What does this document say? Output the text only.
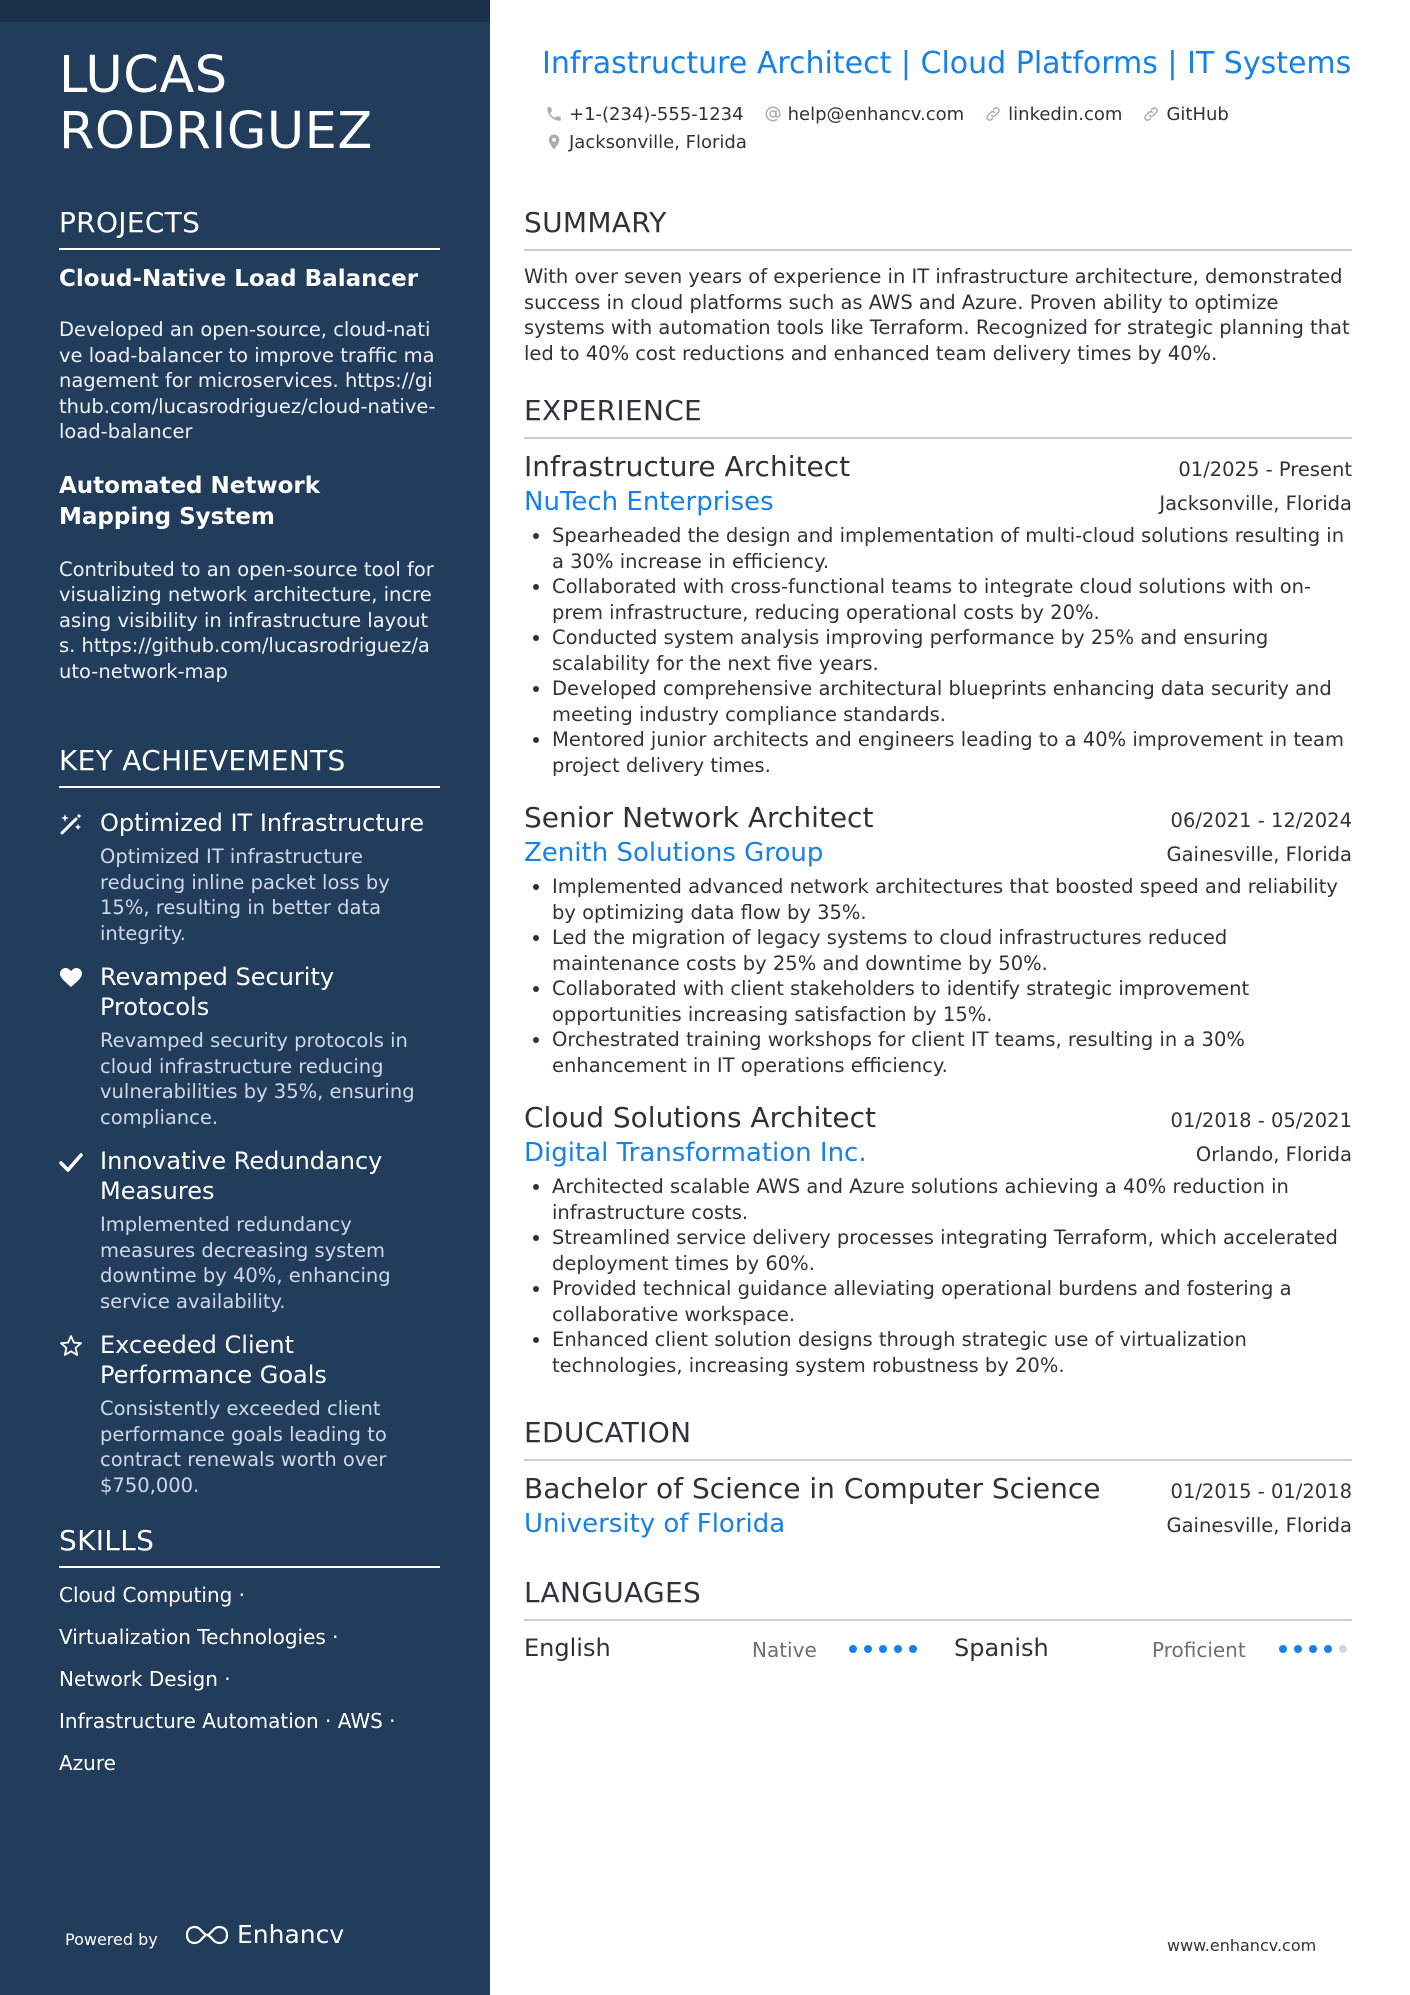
LUCAS
RODRIGUEZ
PROJECTS
Cloud-Native Load Balancer
Developed an open-source, cloud-native load-balancer to improve traffic management for microservices. https://github.com/lucasrodriguez/cloud-native-load-balancer
Automated Network Mapping System
Contributed to an open-source tool for visualizing network architecture, increasing visibility in infrastructure layouts. https://github.com/lucasrodriguez/auto-network-map
KEY ACHIEVEMENTS
Optimized IT Infrastructure
Optimized IT infrastructure reducing inline packet loss by 15%, resulting in better data integrity.
Revamped Security Protocols
Revamped security protocols in cloud infrastructure reducing vulnerabilities by 35%, ensuring compliance.
Innovative Redundancy Measures
Implemented redundancy measures decreasing system downtime by 40%, enhancing service availability.
Exceeded Client Performance Goals
Consistently exceeded client performance goals leading to contract renewals worth over $750,000.
SKILLS
Cloud Computing ·
Virtualization Technologies ·
Network Design ·
Infrastructure Automation · AWS ·
Azure
Powered by	Enhancv
Infrastructure Architect | Cloud Platforms | IT Systems
+1-(234)-555-1234 help@enhancv.com linkedin.com GitHub
Jacksonville, Florida
SUMMARY
With over seven years of experience in IT infrastructure architecture, demonstrated success in cloud platforms such as AWS and Azure. Proven ability to optimize systems with automation tools like Terraform. Recognized for strategic planning that led to 40% cost reductions and enhanced team delivery times by 40%.
EXPERIENCE
Infrastructure Architect	01/2025 - Present
NuTech Enterprises	Jacksonville, Florida
• Spearheaded the design and implementation of multi-cloud solutions resulting in a 30% increase in efficiency.
• Collaborated with cross-functional teams to integrate cloud solutions with on-prem infrastructure, reducing operational costs by 20%.
• Conducted system analysis improving performance by 25% and ensuring scalability for the next five years.
• Developed comprehensive architectural blueprints enhancing data security and meeting industry compliance standards.
• Mentored junior architects and engineers leading to a 40% improvement in team project delivery times.
Senior Network Architect	06/2021 - 12/2024
Zenith Solutions Group	Gainesville, Florida
• Implemented advanced network architectures that boosted speed and reliability by optimizing data flow by 35%.
• Led the migration of legacy systems to cloud infrastructures reduced maintenance costs by 25% and downtime by 50%.
• Collaborated with client stakeholders to identify strategic improvement opportunities increasing satisfaction by 15%.
• Orchestrated training workshops for client IT teams, resulting in a 30% enhancement in IT operations efficiency.
Cloud Solutions Architect	01/2018 - 05/2021
Digital Transformation Inc.	Orlando, Florida
• Architected scalable AWS and Azure solutions achieving a 40% reduction in infrastructure costs.
• Streamlined service delivery processes integrating Terraform, which accelerated deployment times by 60%.
• Provided technical guidance alleviating operational burdens and fostering a collaborative workspace.
• Enhanced client solution designs through strategic use of virtualization technologies, increasing system robustness by 20%.
EDUCATION
Bachelor of Science in Computer Science	01/2015 - 01/2018
University of Florida	Gainesville, Florida
LANGUAGES
English	Native	Spanish	Proficient
www.enhancv.com
